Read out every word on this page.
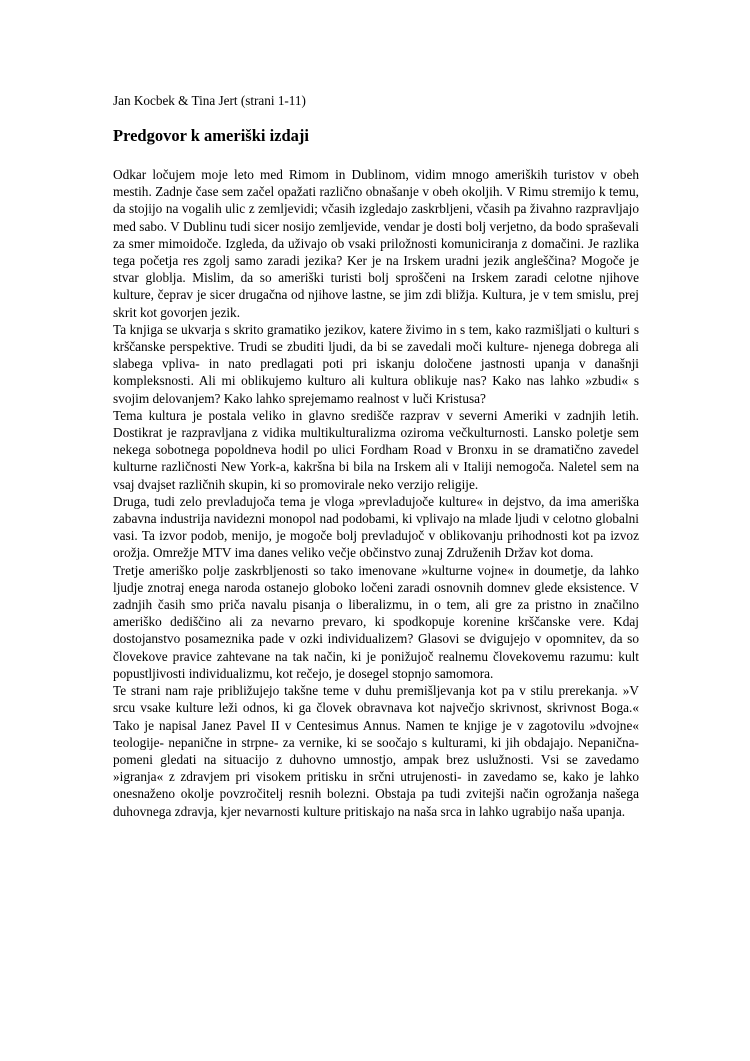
Jan Kocbek & Tina Jert (strani 1-11)

Predgovor k ameriški izdaji

Odkar ločujem moje leto med Rimom in Dublinom, vidim mnogo ameriških turistov v obeh mestih. Zadnje čase sem začel opažati različno obnašanje v obeh okoljih. V Rimu stremijo k temu, da stojijo na vogalih ulic z zemljevidi; včasih izgledajo zaskrbljeni, včasih pa živahno razpravljajo med sabo. V Dublinu tudi sicer nosijo zemljevide, vendar je dosti bolj verjetno, da bodo spraševali za smer mimoidoče. Izgleda, da uživajo ob vsaki priložnosti komuniciranja z domačini. Je razlika tega početja res zgolj samo zaradi jezika? Ker je na Irskem uradni jezik angleščina? Mogoče je stvar globlja. Mislim, da so ameriški turisti bolj sproščeni na Irskem zaradi celotne njihove kulture, čeprav je sicer drugačna od njihove lastne, se jim zdi bližja. Kultura, je v tem smislu, prej skrit kot govorjen jezik.

Ta knjiga se ukvarja s skrito gramatiko jezikov, katere živimo in s tem, kako razmišljati o kulturi s krščanske perspektive. Trudi se zbuditi ljudi, da bi se zavedali moči kulture- njenega dobrega ali slabega vpliva- in nato predlagati poti pri iskanju določene jastnosti upanja v današnji kompleksnosti. Ali mi oblikujemo kulturo ali kultura oblikuje nas? Kako nas lahko »zbudi« s svojim delovanjem? Kako lahko sprejemamo realnost v luči Kristusa?

Tema kultura je postala veliko in glavno središče razprav v severni Ameriki v zadnjih letih. Dostikrat je razpravljana z vidika multikulturalizma oziroma večkulturnosti. Lansko poletje sem nekega sobotnega popoldneva hodil po ulici Fordham Road v Bronxu in se dramatično zavedel kulturne različnosti New York-a, kakršna bi bila na Irskem ali v Italiji nemogoča. Naletel sem na vsaj dvajset različnih skupin, ki so promovirale neko verzijo religije.

Druga, tudi zelo prevladujoča tema je vloga »prevladujoče kulture« in dejstvo, da ima ameriška zabavna industrija navidezni monopol nad podobami, ki vplivajo na mlade ljudi v celotno globalni vasi. Ta izvor podob, menijo, je mogoče bolj prevladujoč v oblikovanju prihodnosti kot pa izvoz orožja. Omrežje MTV ima danes veliko večje občinstvo zunaj Združenih Držav kot doma.

Tretje ameriško polje zaskrbljenosti so tako imenovane »kulturne vojne« in doumetje, da lahko ljudje znotraj enega naroda ostanejo globoko ločeni zaradi osnovnih domnev glede eksistence. V zadnjih časih smo priča navalu pisanja o liberalizmu, in o tem, ali gre za pristno in značilno ameriško dediščino ali za nevarno prevaro, ki spodkopuje korenine krščanske vere. Kdaj dostojanstvo posameznika pade v ozki individualizem? Glasovi se dvigujejo v opomnitev, da so človekove pravice zahtevane na tak način, ki je ponižujoč realnemu človekovemu razumu: kult popustljivosti individualizmu, kot rečejo, je dosegel stopnjo samomora.

Te strani nam raje približujejo takšne teme v duhu premišljevanja kot pa v stilu prerekanja. »V srcu vsake kulture leži odnos, ki ga človek obravnava kot največjo skrivnost, skrivnost Boga.« Tako je napisal Janez Pavel II v Centesimus Annus. Namen te knjige je v zagotovilu »dvojne« teologije- nepanične in strpne- za vernike, ki se soočajo s kulturami, ki jih obdajajo. Nepanična- pomeni gledati na situacijo z duhovno umnostjo, ampak brez uslužnosti. Vsi se zavedamo »igranja« z zdravjem pri visokem pritisku in srčni utrujenosti- in zavedamo se, kako je lahko onesnaženo okolje povzročitelj resnih bolezni. Obstaja pa tudi zvitejši način ogrožanja našega duhovnega zdravja, kjer nevarnosti kulture pritiskajo na naša srca in lahko ugrabijo naša upanja.
